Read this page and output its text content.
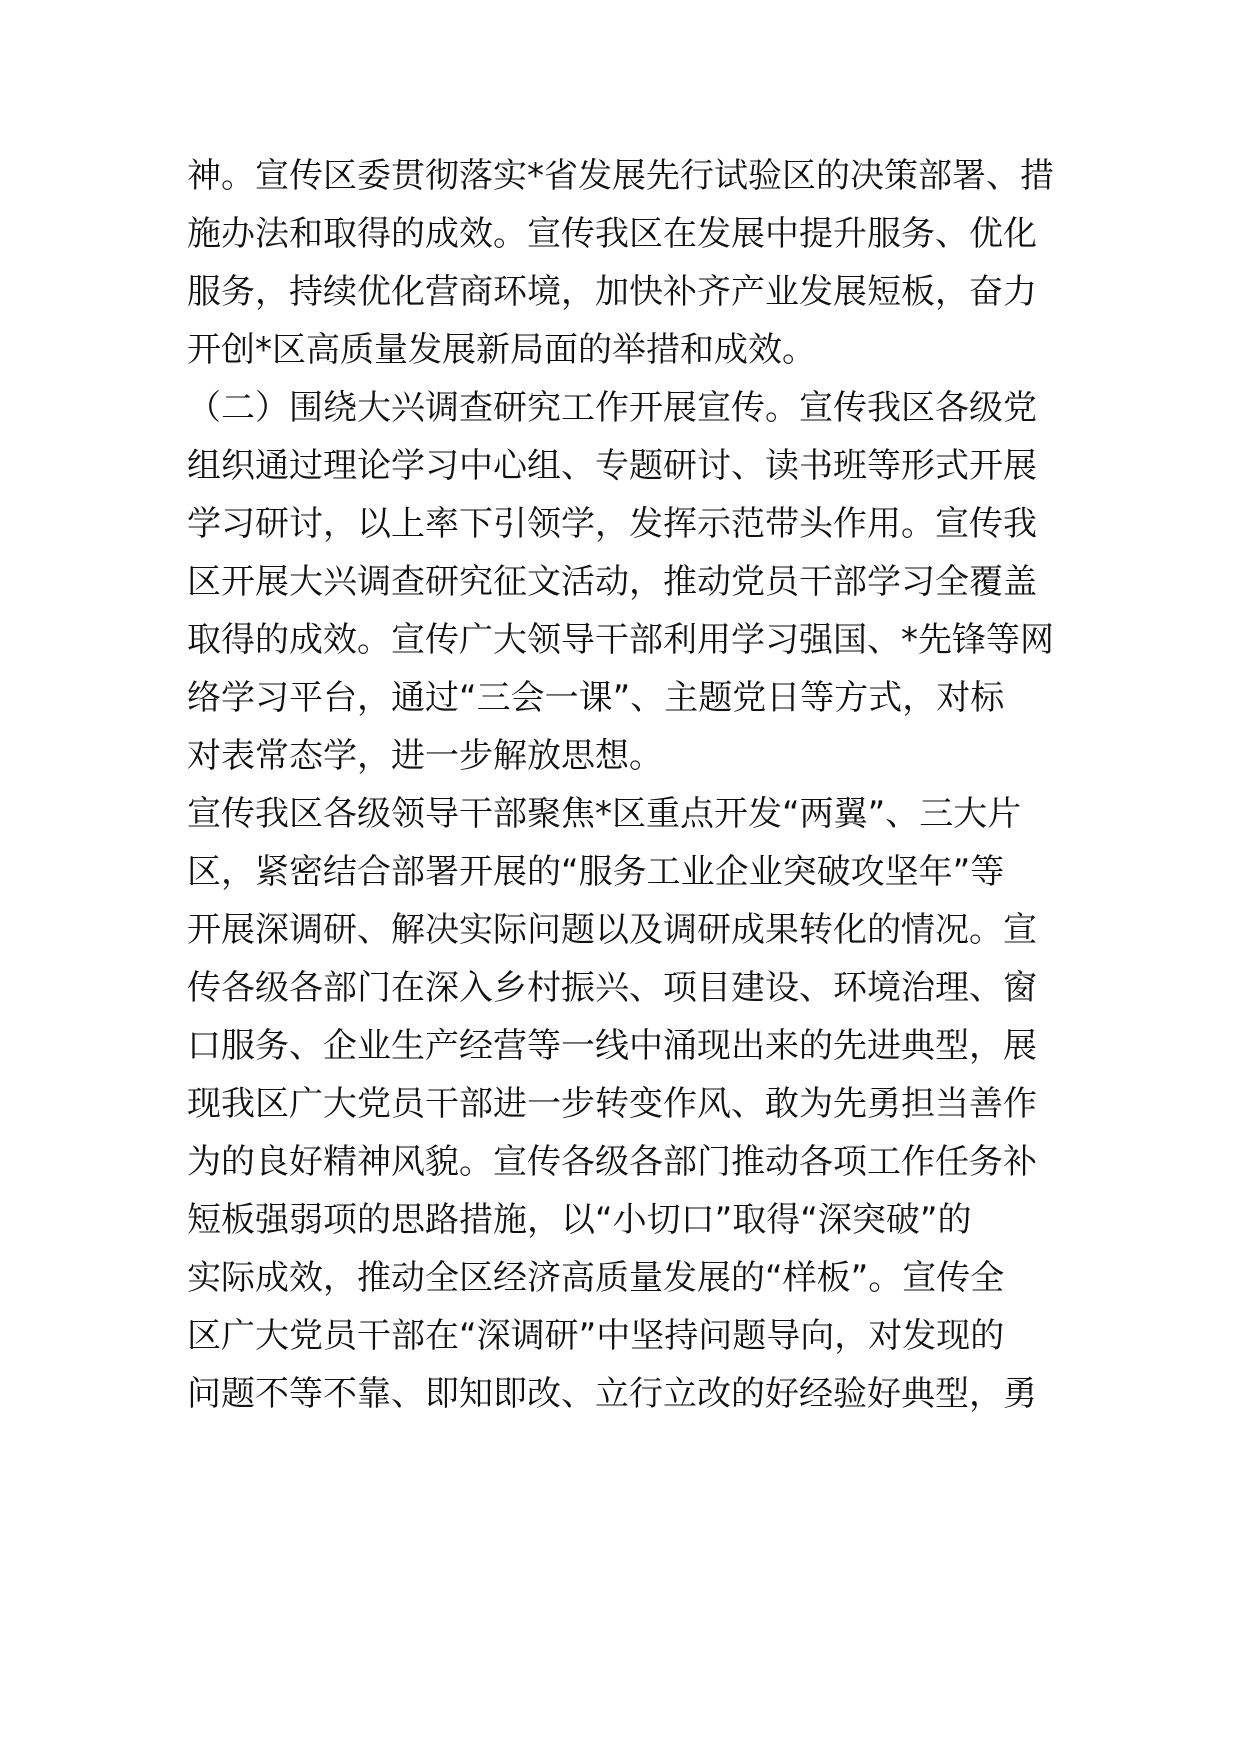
神。宣传区委贯彻落实*省发展先行试验区的决策部署、措
施办法和取得的成效。宣传我区在发展中提升服务、优化
服务，持续优化营商环境，加快补齐产业发展短板，奋力
开创*区高质量发展新局面的举措和成效。
（二）围绕大兴调查研究工作开展宣传。宣传我区各级党
组织通过理论学习中心组、专题研讨、读书班等形式开展
学习研讨，以上率下引领学，发挥示范带头作用。宣传我
区开展大兴调查研究征文活动，推动党员干部学习全覆盖
取得的成效。宣传广大领导干部利用学习强国、*先锋等网
络学习平台，通过“三会一课”、主题党日等方式，对标
对表常态学，进一步解放思想。
宣传我区各级领导干部聚焦*区重点开发“两翼”、三大片
区，紧密结合部署开展的“服务工业企业突破攻坚年”等
开展深调研、解决实际问题以及调研成果转化的情况。宣
传各级各部门在深入乡村振兴、项目建设、环境治理、窗
口服务、企业生产经营等一线中涌现出来的先进典型，展
现我区广大党员干部进一步转变作风、敢为先勇担当善作
为的良好精神风貌。宣传各级各部门推动各项工作任务补
短板强弱项的思路措施，以“小切口”取得“深突破”的
实际成效，推动全区经济高质量发展的“样板”。宣传全
区广大党员干部在“深调研”中坚持问题导向，对发现的
问题不等不靠、即知即改、立行立改的好经验好典型，勇
